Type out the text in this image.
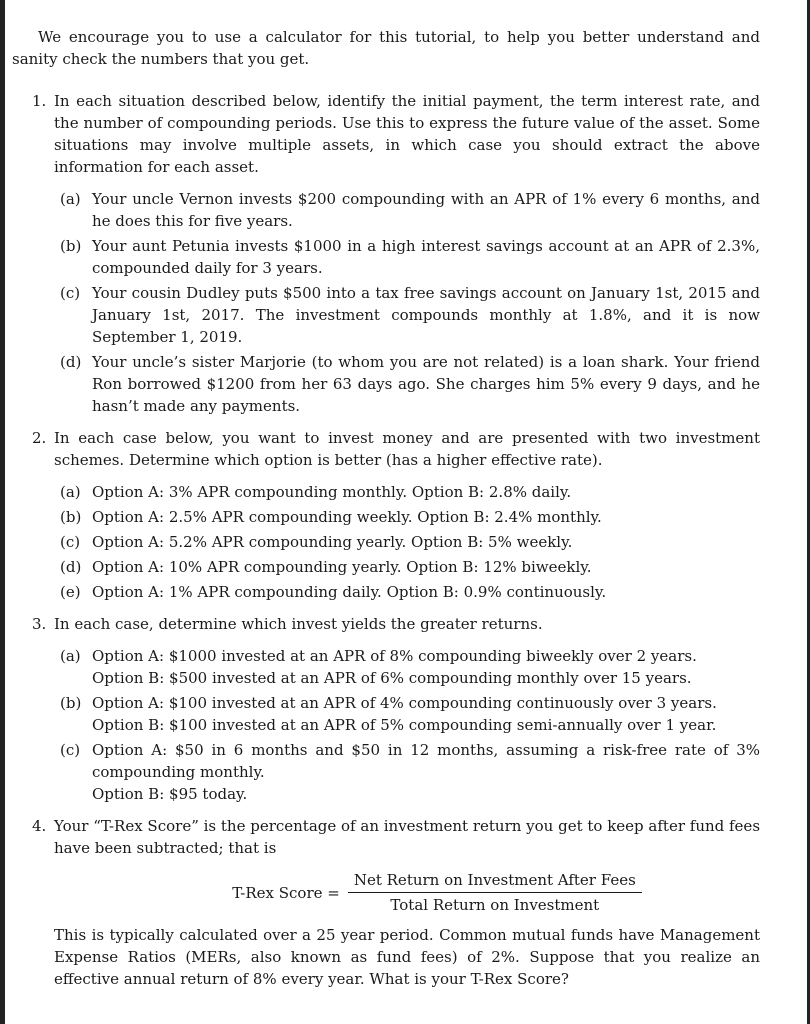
We encourage you to use a calculator for this tutorial, to help you better understand and sanity check the numbers that you get.

1. In each situation described below, identify the initial payment, the term interest rate, and the number of compounding periods. Use this to express the future value of the asset. Some situations may involve multiple assets, in which case you should extract the above information for each asset.
(a) Your uncle Vernon invests $200 compounding with an APR of 1% every 6 months, and he does this for five years.
(b) Your aunt Petunia invests $1000 in a high interest savings account at an APR of 2.3%, compounded daily for 3 years.
(c) Your cousin Dudley puts $500 into a tax free savings account on January 1st, 2015 and January 1st, 2017. The investment compounds monthly at 1.8%, and it is now September 1, 2019.
(d) Your uncle’s sister Marjorie (to whom you are not related) is a loan shark. Your friend Ron borrowed $1200 from her 63 days ago. She charges him 5% every 9 days, and he hasn’t made any payments.
2. In each case below, you want to invest money and are presented with two investment schemes. Determine which option is better (has a higher effective rate).
(a) Option A: 3% APR compounding monthly. Option B: 2.8% daily.
(b) Option A: 2.5% APR compounding weekly. Option B: 2.4% monthly.
(c) Option A: 5.2% APR compounding yearly. Option B: 5% weekly.
(d) Option A: 10% APR compounding yearly. Option B: 12% biweekly.
(e) Option A: 1% APR compounding daily. Option B: 0.9% continuously.
3. In each case, determine which invest yields the greater returns.
(a) Option A: $1000 invested at an APR of 8% compounding biweekly over 2 years.
Option B: $500 invested at an APR of 6% compounding monthly over 15 years.
(b) Option A: $100 invested at an APR of 4% compounding continuously over 3 years.
Option B: $100 invested at an APR of 5% compounding semi-annually over 1 year.
(c) Option A: $50 in 6 months and $50 in 12 months, assuming a risk-free rate of 3% compounding monthly.
Option B: $95 today.
4. Your “T-Rex Score” is the percentage of an investment return you get to keep after fund fees have been subtracted; that is
T-Rex Score = $\frac{\text{Net Return on Investment After Fees}}{\text{Total Return on Investment}}$
This is typically calculated over a 25 year period. Common mutual funds have Management Expense Ratios (MERs, also known as fund fees) of 2%. Suppose that you realize an effective annual return of 8% every year. What is your T-Rex Score?
